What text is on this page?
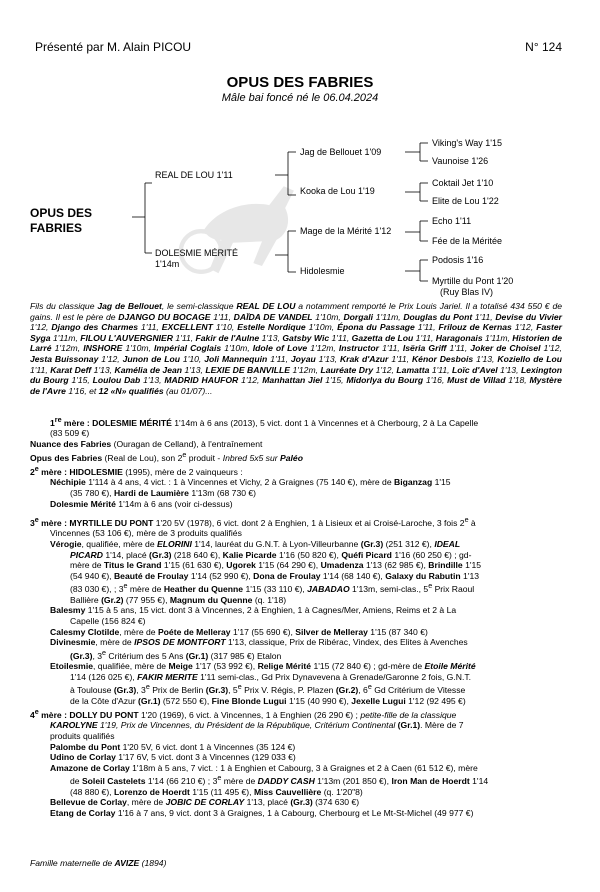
Présenté par M. Alain PICOU	N° 124
OPUS DES FABRIES
Mâle bai foncé né le 06.04.2024
OPUS DES
FABRIES
REAL DE LOU 1'11
DOLESMIE MÉRITÉ
1'14m
Jag de Bellouet 1'09
Kooka de Lou 1'19
Mage de la Mérité 1'12
Hidolesmie
Viking's Way 1'15
Vaunoise 1'26
Coktail Jet 1'10
Elite de Lou 1'22
Echo 1'11
Fée de la Méritée
Podosis 1'16
Myrtille du Pont 1'20
(Ruy Blas IV)
Fils du classique Jag de Bellouet, le semi-classique REAL DE LOU a notamment remporté le Prix Louis Jariel. Il a totalisé 434 550 € de gains. Il est le père de DJANGO DU BOCAGE 1'11, DAÏDA DE VANDEL 1'10m, Dorgali 1'11m, Douglas du Pont 1'11, Devise du Vivier 1'12, Django des Charmes 1'11, EXCELLENT 1'10, Estelle Nordique 1'10m, Épona du Passage 1'11, Frilouz de Kernas 1'12, Faster Syga 1'11m, FILOU L'AUVERGNIER 1'11, Fakir de l'Aulne 1'13, Gatsby Wic 1'11, Gazetta de Lou 1'11, Haragonais 1'11m, Historien de Larré 1'12m, INSHORE 1'10m, Impérial Coglais 1'10m, Idole of Love 1'12m, Instructor 1'11, Isëria Griff 1'11, Joker de Choisel 1'12, Jesta Buissonay 1'12, Junon de Lou 1'10, Joli Mannequin 1'11, Joyau 1'13, Krak d'Azur 1'11, Kénor Desbois 1'13, Koziello de Lou 1'11, Karat Deff 1'13, Kamélia de Jean 1'13, LEXIE DE BANVILLE 1'12m, Lauréate Dry 1'12, Lamatta 1'11, Loïc d'Avel 1'13, Lexington du Bourg 1'15, Loulou Dab 1'13, MADRID HAUFOR 1'12, Manhattan Jiel 1'15, Midorlya du Bourg 1'16, Must de Villad 1'18, Mystère de l'Avre 1'16, et 12 «N» qualifiés (au 01/07)...
1re mère : DOLESMIE MÉRITÉ 1'14m à 6 ans (2013), 5 vict. dont 1 à Vincennes et à Cherbourg, 2 à La Capelle
(83 509 €)
Nuance des Fabries (Ouragan de Celland), à l'entraînement
Opus des Fabries (Real de Lou), son 2e produit - Inbred 5x5 sur Paléo
2e mère : HIDOLESMIE (1995), mère de 2 vainqueurs :
Néchipie 1'114 à 4 ans, 4 vict. : 1 à Vincennes et Vichy, 2 à Graignes (75 140 €), mère de Biganzag 1'15
(35 780 €), Hardi de Laumière 1'13m (68 730 €)
Dolesmie Mérité 1'14m à 6 ans (voir ci-dessus)
3e mère : MYRTILLE DU PONT 1'20 5V (1978), 6 vict. dont 2 à Enghien, 1 à Lisieux et ai Croisé-Laroche, 3 fois 2e à
Vincennes (53 106 €), mère de 3 produits qualifiés
Vérogie, qualifiée, mère de ELORINI 1'14, lauréat du G.N.T. à Lyon-Villeurbanne (Gr.3) (251 312 €), IDEAL
PICARD 1'14, placé (Gr.3) (218 640 €), Kalie Picarde 1'16 (50 820 €), Quéfi Picard 1'16 (60 250 €) ; gd-
mère de Titus le Grand 1'15 (61 630 €), Ugorek 1'15 (64 290 €), Umadenza 1'13 (62 985 €), Brindille 1'15
(54 940 €), Beauté de Froulay 1'14 (52 990 €), Dona de Froulay 1'14 (68 140 €), Galaxy du Rabutin 1'13
(83 030 €), ; 3e mère de Heather du Quenne 1'15 (33 110 €), JABADAO 1'13m, semi-clas., 5e Prix Raoul
Ballière (Gr.2) (77 955 €), Magnum du Quenne (q. 1'18)
Balesmy 1'15 à 5 ans, 15 vict. dont 3 à Vincennes, 2 à Enghien, 1 à Cagnes/Mer, Amiens, Reims et 2 à La
Capelle (156 824 €)
Calesmy Clotilde, mère de Poéte de Melleray 1'17 (55 690 €), Silver de Melleray 1'15 (87 340 €)
Divinesmie, mère de IPSOS DE MONTFORT 1'13, classique, Prix de Ribérac, Vindex, des Elites à Avenches
(Gr.3), 3e Critérium des 5 Ans (Gr.1) (317 985 €) Etalon
Etoilesmie, qualifiée, mère de Meige 1'17 (53 992 €), Relige Mérité 1'15 (72 840 €) ; gd-mère de Etoile Mérité
1'14 (126 025 €), FAKIR MERITE 1'11 semi-clas., Gd Prix Dynavevena à Grenade/Garonne 2 fois, G.N.T.
à Toulouse (Gr.3), 3e Prix de Berlin (Gr.3), 5e Prix V. Régis, P. Plazen (Gr.2), 6e Gd Critérium de Vitesse
de la Côte d'Azur (Gr.1) (572 550 €), Fine Blonde Lugui 1'15 (40 990 €), Jexelle Lugui 1'12 (92 495 €)
4e mère : DOLLY DU PONT 1'20 (1969), 6 vict. à Vincennes, 1 à Enghien (26 290 €) ; petite-fille de la classique
KAROLYNE 1'19, Prix de Vincennes, du Président de la République, Critérium Continental (Gr.1). Mère de 7
produits qualifiés
Palombe du Pont 1'20 5V, 6 vict. dont 1 à Vincennes (35 124 €)
Udino de Corlay 1'17 6V, 5 vict. dont 3 à Vincennes (129 033 €)
Amazone de Corlay 1'18m à 5 ans, 7 vict. : 1 à Enghien et Cabourg, 3 à Graignes et 2 à Caen (61 512 €), mère
de Soleil Castelets 1'14 (66 210 €) ; 3e mère de DADDY CASH 1'13m (201 850 €), Iron Man de Hoerdt 1'14
(48 880 €), Lorenzo de Hoerdt 1'15 (11 495 €), Miss Cauvellière (q. 1'20"8)
Bellevue de Corlay, mère de JOBIC DE CORLAY 1'13, placé (Gr.3) (374 630 €)
Etang de Corlay 1'16 à 7 ans, 9 vict. dont 3 à Graignes, 1 à Cabourg, Cherbourg et Le Mt-St-Michel (49 977 €)
Famille maternelle de AVIZE (1894)
